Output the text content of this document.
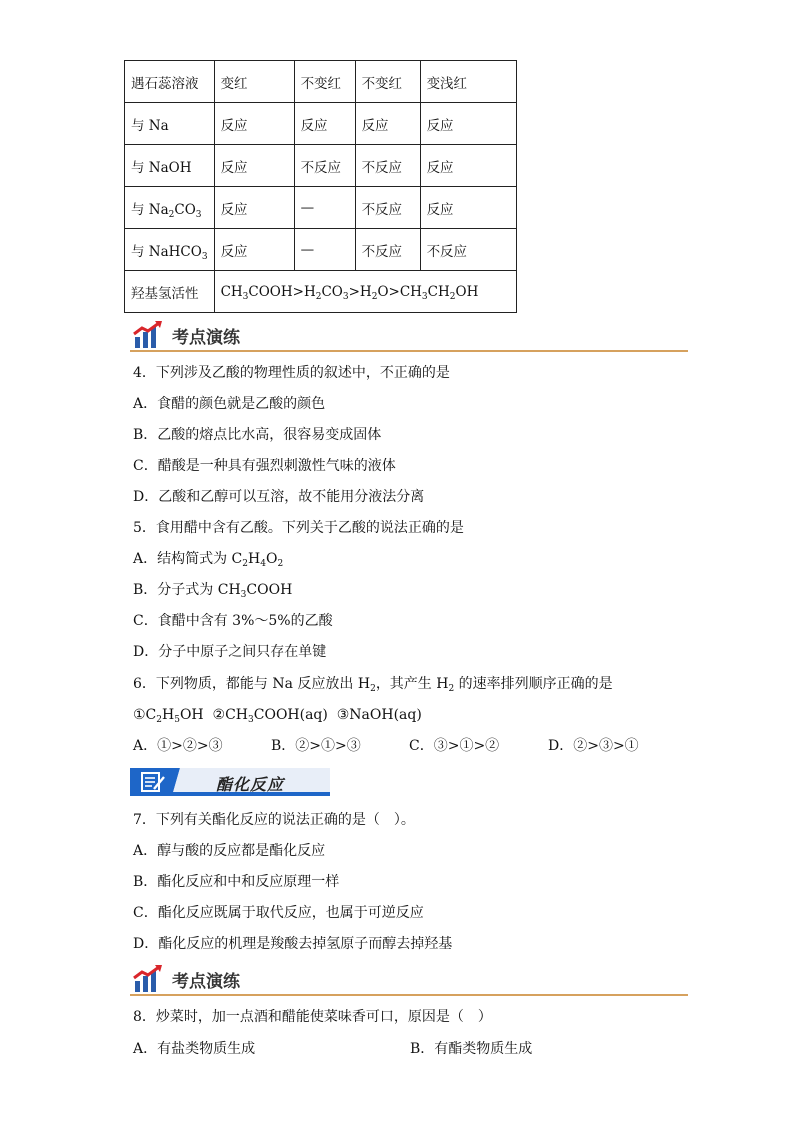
遇石蕊溶液	变红	不变红	不变红	变浅红
与 Na	反应	反应	反应	反应
与 NaOH	反应	不反应	不反应	反应
与 $Na_2CO_3$	反应	—	不反应	反应
与 NaHCO$_3$	反应	—	不反应	不反应
羟基氢活性	$CH_3COOH>H_2CO_3>H_2O>CH_3CH_2OH$			
考点演练
4．下列涉及乙酸的物理性质的叙述中，不正确的是
A．食醋的颜色就是乙酸的颜色
B．乙酸的熔点比水高，很容易变成固体
C．醋酸是一种具有强烈刺激性气味的液体
D．乙酸和乙醇可以互溶，故不能用分液法分离
5．食用醋中含有乙酸。下列关于乙酸的说法正确的是
A．结构简式为 $C_2H_4O_2$
B．分子式为 $CH_3COOH$
C．食醋中含有 3%～5%的乙酸
D．分子中原子之间只存在单键
6．下列物质，都能与 Na 反应放出 $H_2$，其产生 $H_2$ 的速率排列顺序正确的是
$①C_2H_5OH$  $②CH_3COOH(aq)$  ③NaOH(aq)
A．①>②>③	B．②>①>③	C．③>①>②	D．②>③>①
酯化反应
7．下列有关酯化反应的说法正确的是（　）。
A．醇与酸的反应都是酯化反应
B．酯化反应和中和反应原理一样
C．酯化反应既属于取代反应，也属于可逆反应
D．酯化反应的机理是羧酸去掉氢原子而醇去掉羟基
考点演练
8．炒菜时，加一点酒和醋能使菜味香可口，原因是（　）
A．有盐类物质生成	B．有酯类物质生成
